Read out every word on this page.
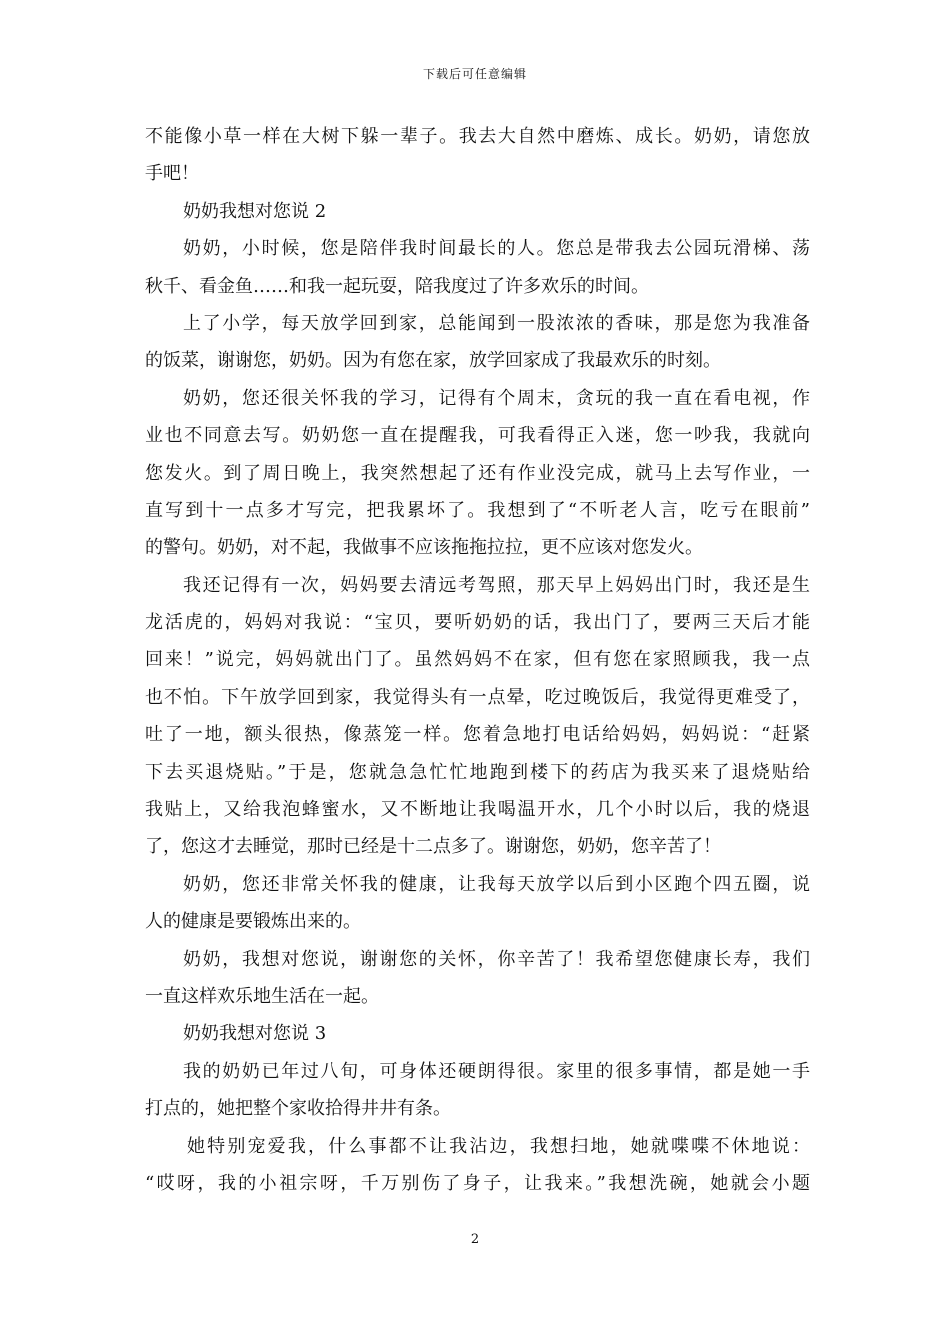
下载后可任意编辑
不能像小草一样在大树下躲一辈子。我去大自然中磨炼、成长。奶奶，请您放
手吧！
奶奶我想对您说 2
奶奶，小时候，您是陪伴我时间最长的人。您总是带我去公园玩滑梯、荡
秋千、看金鱼……和我一起玩耍，陪我度过了许多欢乐的时间。
上了小学，每天放学回到家，总能闻到一股浓浓的香味，那是您为我准备
的饭菜，谢谢您，奶奶。因为有您在家，放学回家成了我最欢乐的时刻。
奶奶，您还很关怀我的学习，记得有个周末，贪玩的我一直在看电视，作
业也不同意去写。奶奶您一直在提醒我，可我看得正入迷，您一吵我，我就向
您发火。到了周日晚上，我突然想起了还有作业没完成，就马上去写作业，一
直写到十一点多才写完，把我累坏了。我想到了“不听老人言，吃亏在眼前”
的警句。奶奶，对不起，我做事不应该拖拖拉拉，更不应该对您发火。
我还记得有一次，妈妈要去清远考驾照，那天早上妈妈出门时，我还是生
龙活虎的，妈妈对我说：“宝贝，要听奶奶的话，我出门了，要两三天后才能
回来！”说完，妈妈就出门了。虽然妈妈不在家，但有您在家照顾我，我一点
也不怕。下午放学回到家，我觉得头有一点晕，吃过晚饭后，我觉得更难受了，
吐了一地，额头很热，像蒸笼一样。您着急地打电话给妈妈，妈妈说：“赶紧
下去买退烧贴。”于是，您就急急忙忙地跑到楼下的药店为我买来了退烧贴给
我贴上，又给我泡蜂蜜水，又不断地让我喝温开水，几个小时以后，我的烧退
了，您这才去睡觉，那时已经是十二点多了。谢谢您，奶奶，您辛苦了！
奶奶，您还非常关怀我的健康，让我每天放学以后到小区跑个四五圈，说
人的健康是要锻炼出来的。
奶奶，我想对您说，谢谢您的关怀，你辛苦了！我希望您健康长寿，我们
一直这样欢乐地生活在一起。
奶奶我想对您说 3
我的奶奶已年过八旬，可身体还硬朗得很。家里的很多事情，都是她一手
打点的，她把整个家收拾得井井有条。
她特别宠爱我，什么事都不让我沾边，我想扫地，她就喋喋不休地说：
“哎呀，我的小祖宗呀，千万别伤了身子，让我来。”我想洗碗，她就会小题
2
